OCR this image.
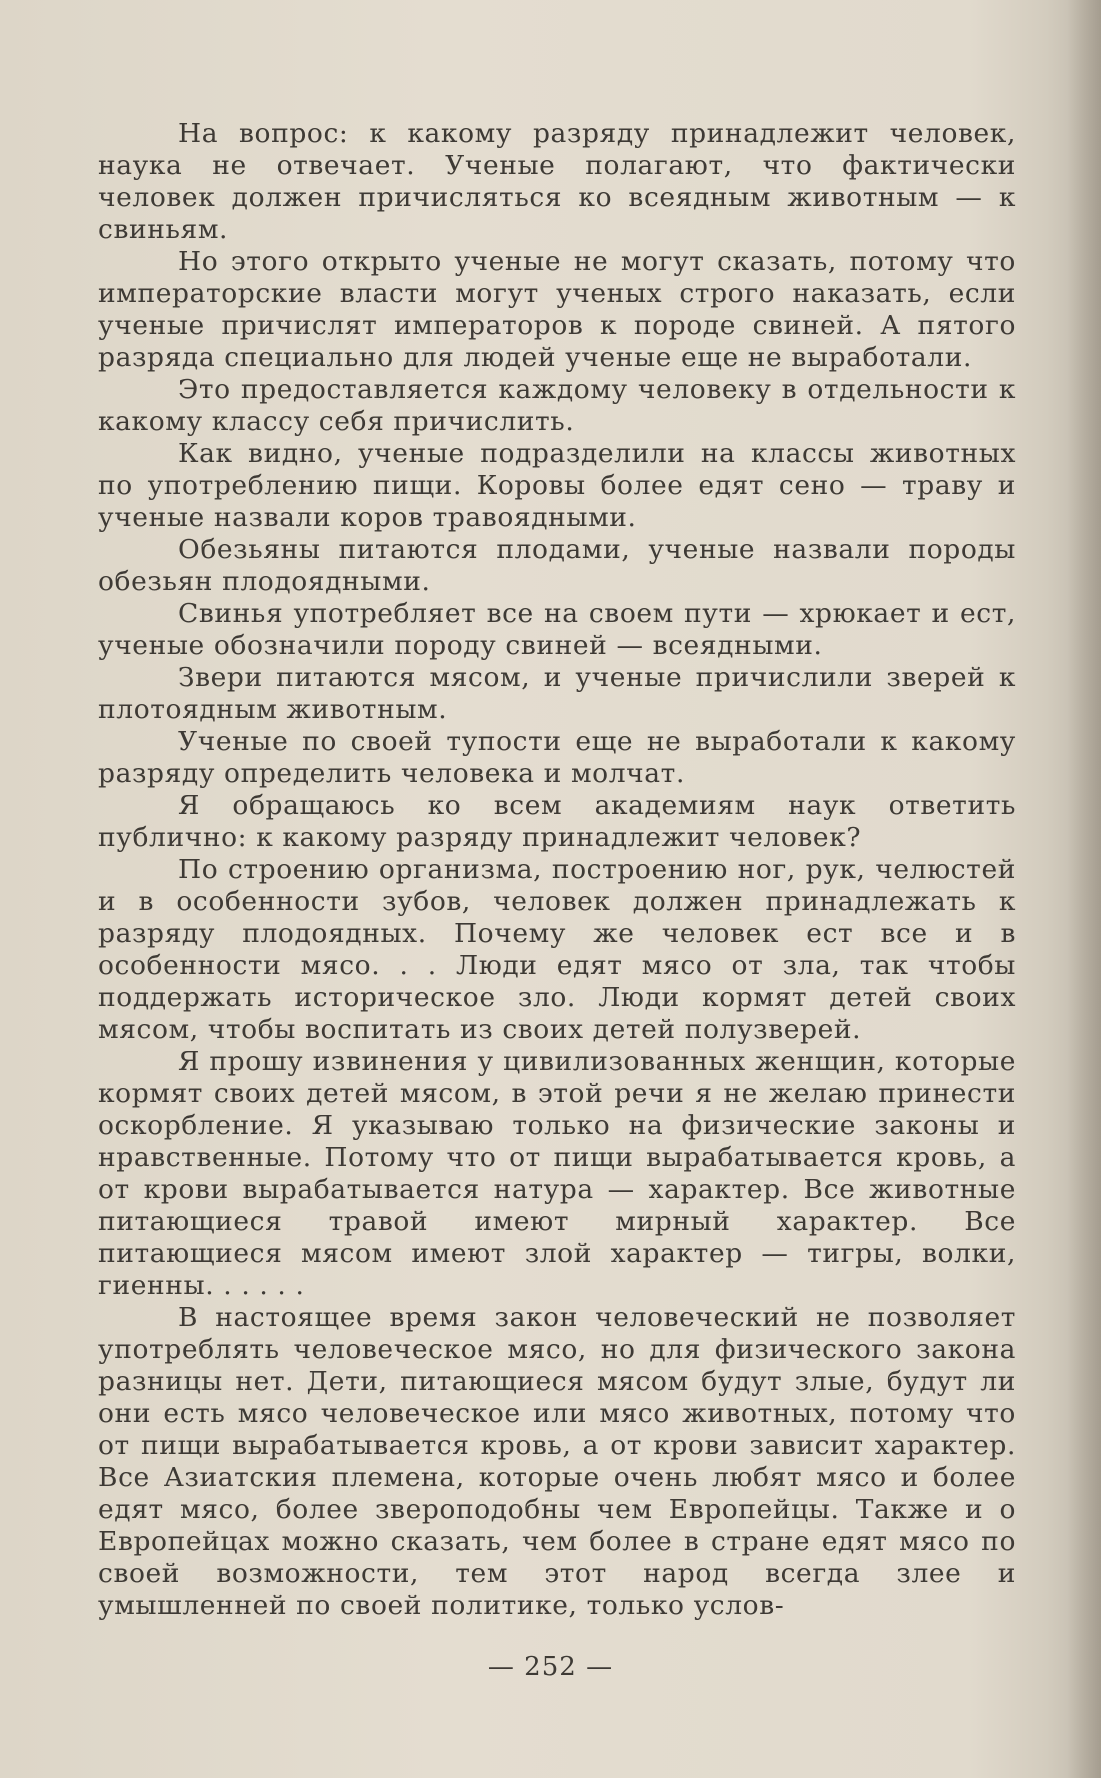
На вопрос: к какому разряду принадлежит человек, наука не отвечает. Ученые полагают, что фактически человек должен причисляться ко всеядным животным — к свиньям.

Но этого открыто ученые не могут сказать, потому что императорские власти могут ученых строго наказать, если ученые причислят императоров к породе свиней. А пятого разряда специально для людей ученые еще не выработали.

Это предоставляется каждому человеку в отдельности к какому классу себя причислить.

Как видно, ученые подразделили на классы животных по употреблению пищи. Коровы более едят сено — траву и ученые назвали коров травоядными.

Обезьяны питаются плодами, ученые назвали породы обезьян плодоядными.

Свинья употребляет все на своем пути — хрюкает и ест, ученые обозначили породу свиней — всеядными.

Звери питаются мясом, и ученые причислили зверей к плотоядным животным.

Ученые по своей тупости еще не выработали к какому разряду определить человека и молчат.

Я обращаюсь ко всем академиям наук ответить публично: к какому разряду принадлежит человек?

По строению организма, построению ног, рук, челюстей и в особенности зубов, человек должен принадлежать к разряду плодоядных. Почему же человек ест все и в особенности мясо. . . Люди едят мясо от зла, так чтобы поддержать историческое зло. Люди кормят детей своих мясом, чтобы воспитать из своих детей полузверей.

Я прошу извинения у цивилизованных женщин, которые кормят своих детей мясом, в этой речи я не желаю принести оскорбление. Я указываю только на физические законы и нравственные. Потому что от пищи вырабатывается кровь, а от крови вырабатывается натура — характер. Все животные питающиеся травой имеют мирный характер. Все питающиеся мясом имеют злой характер — тигры, волки, гиенны. . . . . .

В настоящее время закон человеческий не позволяет употреблять человеческое мясо, но для физического закона разницы нет. Дети, питающиеся мясом будут злые, будут ли они есть мясо человеческое или мясо животных, потому что от пищи вырабатывается кровь, а от крови зависит характер. Все Азиатския племена, которые очень любят мясо и более едят мясо, более звероподобны чем Европейцы. Также и о Европейцах можно сказать, чем более в стране едят мясо по своей возможности, тем этот народ всегда злее и умышленней по своей политике, только услов-

— 252 —
